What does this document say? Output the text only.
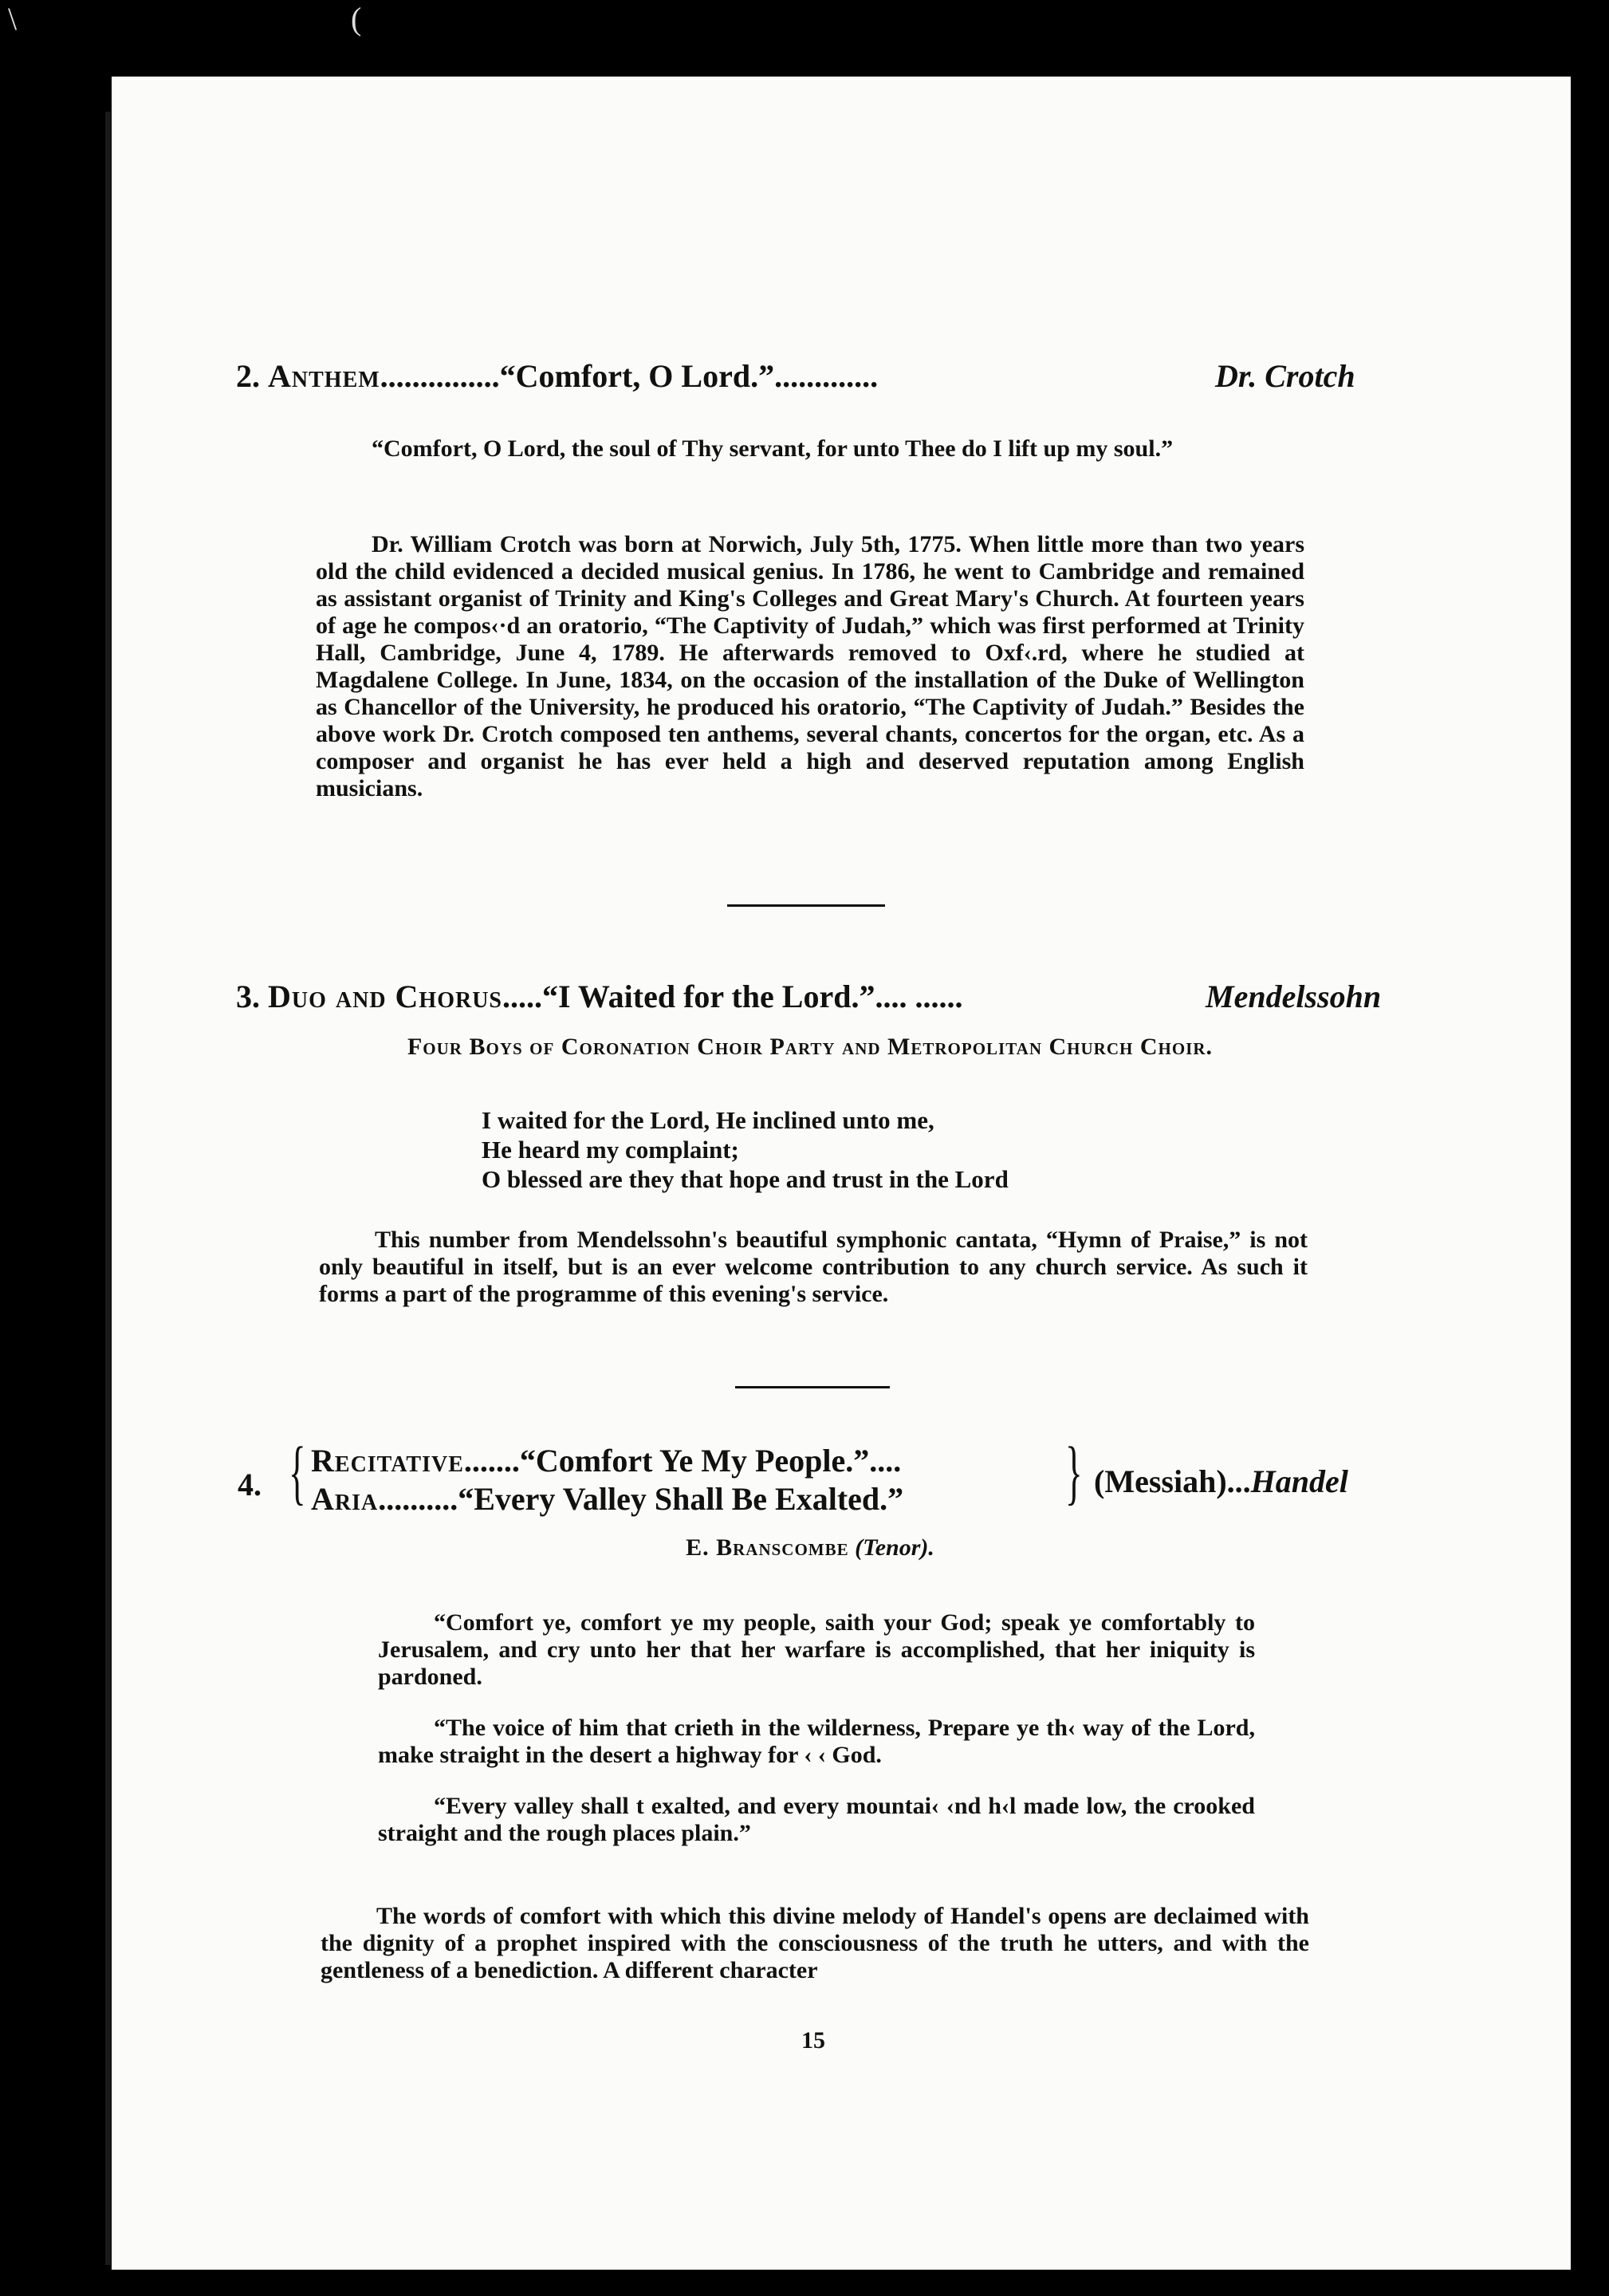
(
\
2. Anthem...............“Comfort, O Lord.”.............	Dr. Crotch
“Comfort, O Lord, the soul of Thy servant, for unto Thee do I lift up my soul.”
Dr. William Crotch was born at Norwich, July 5th, 1775. When little more than two years old the child evidenced a decided musical genius. In 1786, he went to Cambridge and remained as assistant organist of Trinity and King's Colleges and Great Mary's Church. At fourteen years of age he compos‹·d an oratorio, “The Captivity of Judah,” which was first performed at Trinity Hall, Cambridge, June 4, 1789. He afterwards removed to Oxf‹.rd, where he studied at Magdalene College. In June, 1834, on the occasion of the installation of the Duke of Wellington as Chancellor of the University, he produced his oratorio, “The Captivity of Judah.” Besides the above work Dr. Crotch composed ten anthems, several chants, concertos for the organ, etc. As a composer and organist he has ever held a high and deserved reputation among English musicians.
3. Duo and Chorus.....“I Waited for the Lord.”.... ......	Mendelssohn
Four Boys of Coronation Choir Party and Metropolitan Church Choir.
I waited for the Lord, He inclined unto me,
He heard my complaint;
O blessed are they that hope and trust in the Lord
This number from Mendelssohn's beautiful symphonic cantata, “Hymn of Praise,” is not only beautiful in itself, but is an ever welcome contribution to any church service. As such it forms a part of the programme of this evening's service.
4. { Recitative.......“Comfort Ye My People.”....
Aria..........“Every Valley Shall Be Exalted.” } (Messiah)...Handel
E. Branscombe (Tenor).
“Comfort ye, comfort ye my people, saith your God; speak ye comfortably to Jerusalem, and cry unto her that her warfare is accomplished, that her iniquity is pardoned.
“The voice of him that crieth in the wilderness, Prepare ye th‹ way of the Lord, make straight in the desert a highway for ‹ ‹ God.
“Every valley shall t exalted, and every mountai‹ ‹nd h‹l made low, the crooked straight and the rough places plain.”
The words of comfort with which this divine melody of Handel's opens are declaimed with the dignity of a prophet inspired with the consciousness of the truth he utters, and with the gentleness of a benediction. A different character
15
